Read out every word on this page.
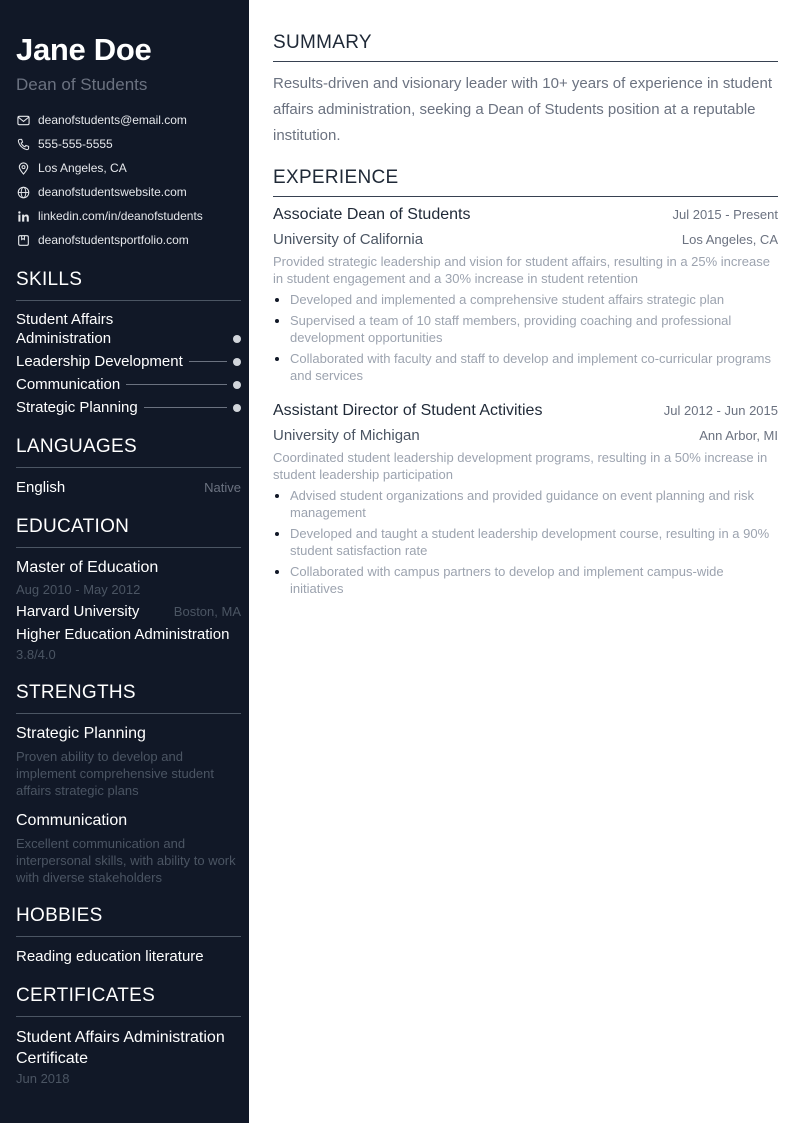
Jane Doe
Dean of Students
deanofstudents@email.com
555-555-5555
Los Angeles, CA
deanofstudentswebsite.com
linkedin.com/in/deanofstudents
deanofstudentsportfolio.com
SKILLS
Student Affairs Administration
Leadership Development
Communication
Strategic Planning
LANGUAGES
English	Native
EDUCATION
Master of Education
Aug 2010 - May 2012
Harvard University	Boston, MA
Higher Education Administration
3.8/4.0
STRENGTHS
Strategic Planning
Proven ability to develop and implement comprehensive student affairs strategic plans
Communication
Excellent communication and interpersonal skills, with ability to work with diverse stakeholders
HOBBIES
Reading education literature
CERTIFICATES
Student Affairs Administration Certificate
Jun 2018
SUMMARY
Results-driven and visionary leader with 10+ years of experience in student affairs administration, seeking a Dean of Students position at a reputable institution.
EXPERIENCE
Associate Dean of Students	Jul 2015 - Present
University of California	Los Angeles, CA
Provided strategic leadership and vision for student affairs, resulting in a 25% increase in student engagement and a 30% increase in student retention
Developed and implemented a comprehensive student affairs strategic plan
Supervised a team of 10 staff members, providing coaching and professional development opportunities
Collaborated with faculty and staff to develop and implement co-curricular programs and services
Assistant Director of Student Activities	Jul 2012 - Jun 2015
University of Michigan	Ann Arbor, MI
Coordinated student leadership development programs, resulting in a 50% increase in student leadership participation
Advised student organizations and provided guidance on event planning and risk management
Developed and taught a student leadership development course, resulting in a 90% student satisfaction rate
Collaborated with campus partners to develop and implement campus-wide initiatives
